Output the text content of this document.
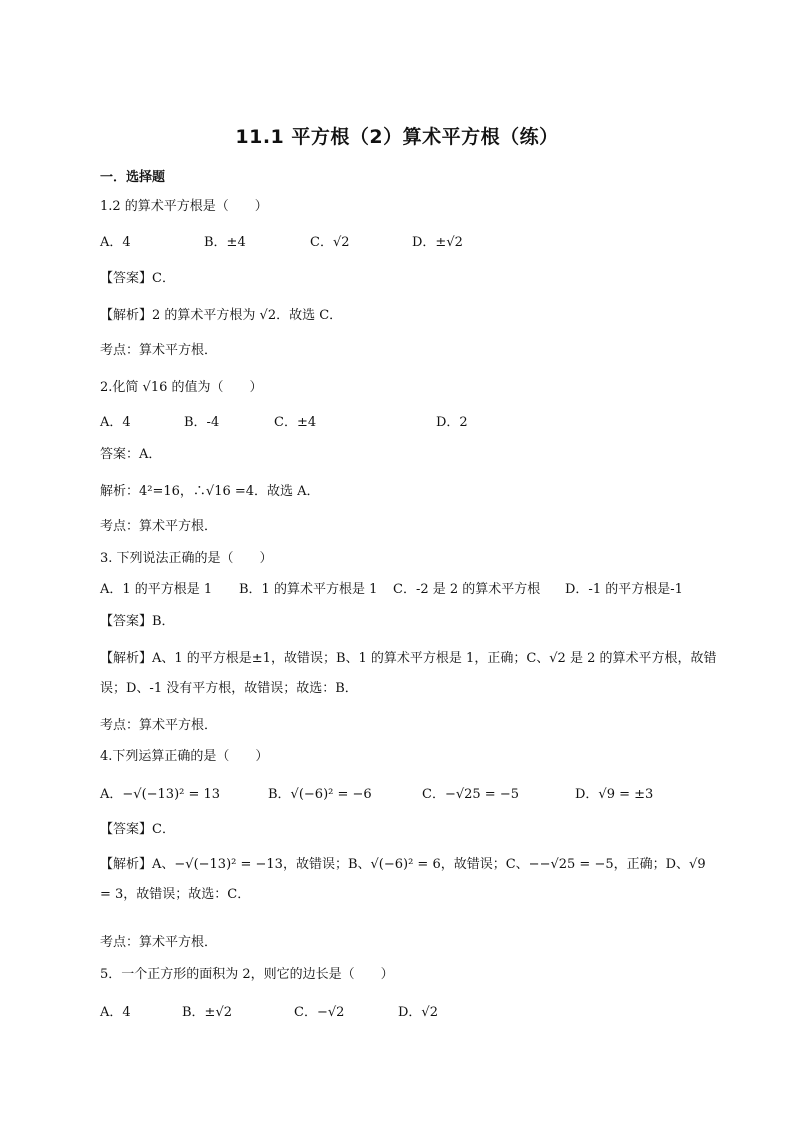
11.1 平方根（2）算术平方根（练）
一．选择题
1.2 的算术平方根是（　　）
A．4	B．±4	C．√2	D．±√2
【答案】C．
【解析】2 的算术平方根为 √2．故选 C．
考点：算术平方根．
2.化简 √16 的值为（　　）
A．4	B．-4	C．±4	D．2
答案：A．
解析：4²=16，∴√16 =4．故选 A．
考点：算术平方根．
3. 下列说法正确的是（　　）
A．1 的平方根是 1 B．1 的算术平方根是 1 C．-2 是 2 的算术平方根 D．-1 的平方根是-1
【答案】B．
【解析】A、1 的平方根是±1，故错误；B、1 的算术平方根是 1，正确；C、√2 是 2 的算术平方根，故错误；D、-1 没有平方根，故错误；故选：B．
考点：算术平方根．
4.下列运算正确的是（　　）
A．−√(−13)² = 13	B．√(−6)² = −6	C．−√25 = −5	D．√9 = ±3
【答案】C．
【解析】A、−√(−13)² = −13，故错误；B、√(−6)² = 6，故错误；C、−−√25 = −5，正确；D、√9 = 3，故错误；故选：C．
考点：算术平方根．
5．一个正方形的面积为 2，则它的边长是（　　）
A．4	B．±√2	C．−√2	D．√2
